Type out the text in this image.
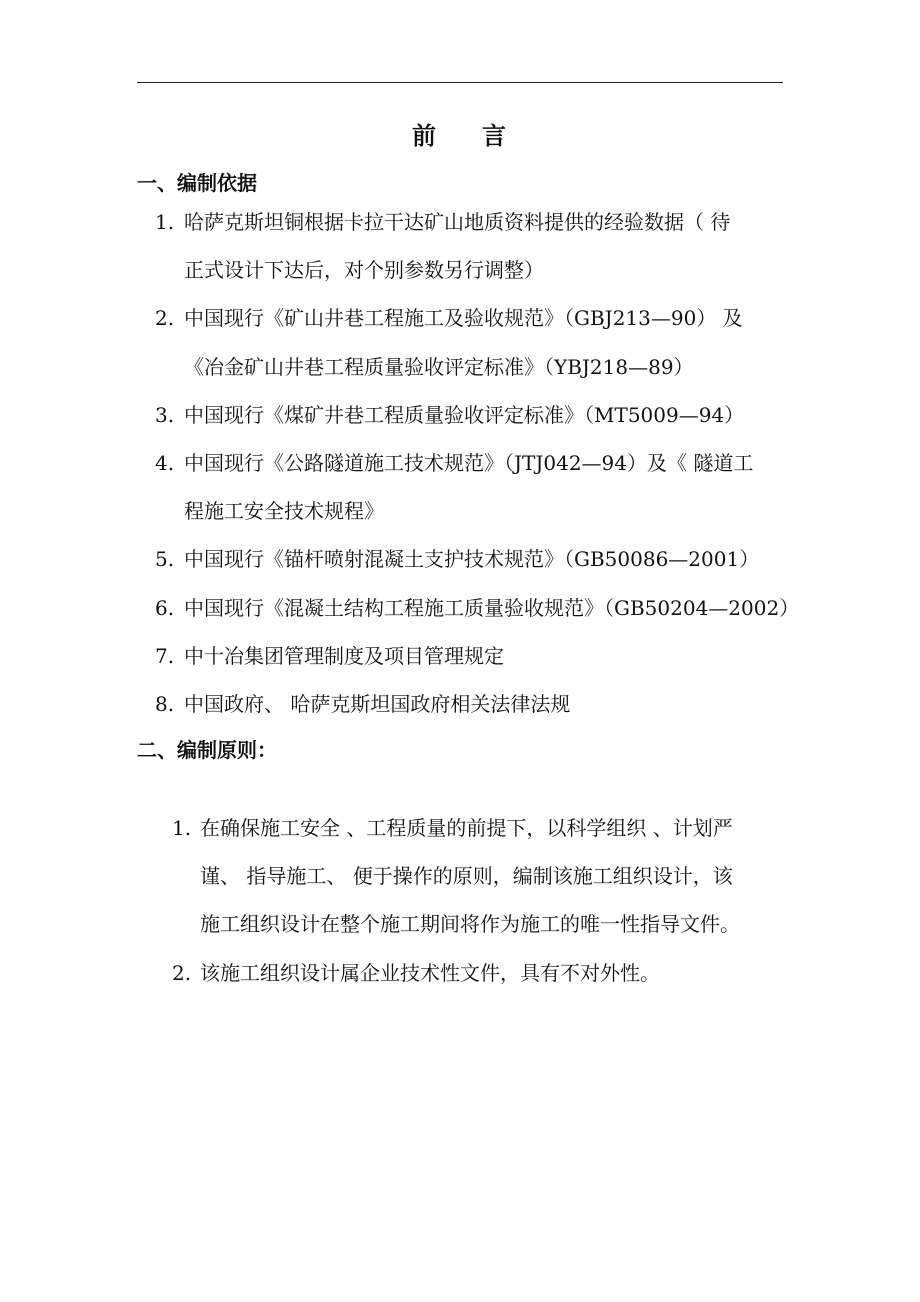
前 言
一、编制依据
1. 哈萨克斯坦铜根据卡拉干达矿山地质资料提供的经验数据（ 待
正式设计下达后，对个别参数另行调整）
2. 中国现行《矿山井巷工程施工及验收规范》（GBJ213—90） 及
《冶金矿山井巷工程质量验收评定标准》（YBJ218—89）
3. 中国现行《煤矿井巷工程质量验收评定标准》（MT5009—94）
4. 中国现行《公路隧道施工技术规范》（JTJ042—94）及《 隧道工
程施工安全技术规程》
5. 中国现行《锚杆喷射混凝土支护技术规范》（GB50086—2001）
6. 中国现行《混凝土结构工程施工质量验收规范》（GB50204—2002）
7. 中十冶集团管理制度及项目管理规定
8. 中国政府、 哈萨克斯坦国政府相关法律法规
二、编制原则：
1. 在确保施工安全 、工程质量的前提下，以科学组织 、计划严
谨、 指导施工、 便于操作的原则，编制该施工组织设计，该
施工组织设计在整个施工期间将作为施工的唯一性指导文件。
2. 该施工组织设计属企业技术性文件，具有不对外性。
